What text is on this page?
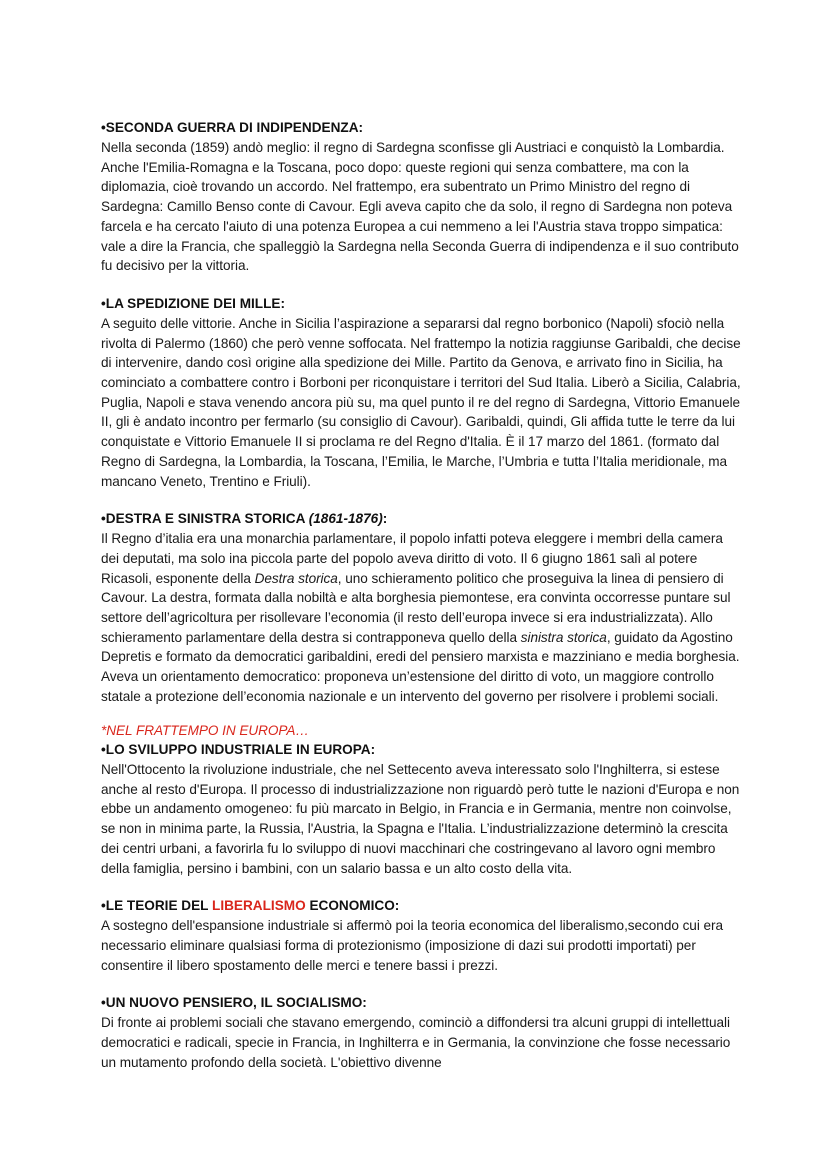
•SECONDA GUERRA DI INDIPENDENZA:

Nella seconda (1859) andò meglio: il regno di Sardegna sconfisse gli Austriaci e conquistò la Lombardia. Anche l'Emilia-Romagna e la Toscana, poco dopo: queste regioni qui senza combattere, ma con la diplomazia, cioè trovando un accordo. Nel frattempo, era subentrato un Primo Ministro del regno di Sardegna: Camillo Benso conte di Cavour. Egli aveva capito che da solo, il regno di Sardegna non poteva farcela e ha cercato l'aiuto di una potenza Europea a cui nemmeno a lei l'Austria stava troppo simpatica: vale a dire la Francia, che spalleggiò la Sardegna nella Seconda Guerra di indipendenza e il suo contributo fu decisivo per la vittoria.

•LA SPEDIZIONE DEI MILLE:

A seguito delle vittorie. Anche in Sicilia l’aspirazione a separarsi dal regno borbonico (Napoli) sfociò nella rivolta di Palermo (1860) che però venne soffocata. Nel frattempo la notizia raggiunse Garibaldi, che decise di intervenire, dando così origine alla spedizione dei Mille. Partito da Genova, e arrivato fino in Sicilia, ha cominciato a combattere contro i Borboni per riconquistare i territori del Sud Italia. Liberò a Sicilia, Calabria, Puglia, Napoli e stava venendo ancora più su, ma quel punto il re del regno di Sardegna, Vittorio Emanuele II, gli è andato incontro per fermarlo (su consiglio di Cavour). Garibaldi, quindi, Gli affida tutte le terre da lui conquistate e Vittorio Emanuele II si proclama re del Regno d'Italia. È il 17 marzo del 1861. (formato dal Regno di Sardegna, la Lombardia, la Toscana, l’Emilia, le Marche, l’Umbria e tutta l’Italia meridionale, ma mancano Veneto, Trentino e Friuli).

•DESTRA E SINISTRA STORICA (1861-1876):

Il Regno d’italia era una monarchia parlamentare, il popolo infatti poteva eleggere i membri della camera dei deputati, ma solo ina piccola parte del popolo aveva diritto di voto. Il 6 giugno 1861 salì al potere Ricasoli, esponente della Destra storica, uno schieramento politico che proseguiva la linea di pensiero di Cavour. La destra, formata dalla nobiltà e alta borghesia piemontese, era convinta occorresse puntare sul settore dell’agricoltura per risollevare l’economia (il resto dell’europa invece si era industrializzata). Allo schieramento parlamentare della destra si contrapponeva quello della sinistra storica, guidato da Agostino Depretis e formato da democratici garibaldini, eredi del pensiero marxista e mazziniano e media borghesia. Aveva un orientamento democratico: proponeva un’estensione del diritto di voto, un maggiore controllo statale a protezione dell’economia nazionale e un intervento del governo per risolvere i problemi sociali.

*NEL FRATTEMPO IN EUROPA…

•LO SVILUPPO INDUSTRIALE IN EUROPA:

Nell'Ottocento la rivoluzione industriale, che nel Settecento aveva interessato solo l'Inghilterra, si estese anche al resto d'Europa. Il processo di industrializzazione non riguardò però tutte le nazioni d'Europa e non ebbe un andamento omogeneo: fu più marcato in Belgio, in Francia e in Germania, mentre non coinvolse, se non in minima parte, la Russia, l'Austria, la Spagna e l'Italia. L’industrializzazione determinò la crescita dei centri urbani, a favorirla fu lo sviluppo di nuovi macchinari che costringevano al lavoro ogni membro della famiglia, persino i bambini, con un salario bassa e un alto costo della vita.

•LE TEORIE DEL LIBERALISMO ECONOMICO:

A sostegno dell'espansione industriale si affermò poi la teoria economica del liberalismo,secondo cui era necessario eliminare qualsiasi forma di protezionismo (imposizione di dazi sui prodotti importati) per consentire il libero spostamento delle merci e tenere bassi i prezzi.

•UN NUOVO PENSIERO, IL SOCIALISMO:

Di fronte ai problemi sociali che stavano emergendo, cominciò a diffondersi tra alcuni gruppi di intellettuali democratici e radicali, specie in Francia, in Inghilterra e in Germania, la convinzione che fosse necessario un mutamento profondo della società. L'obiettivo divenne
